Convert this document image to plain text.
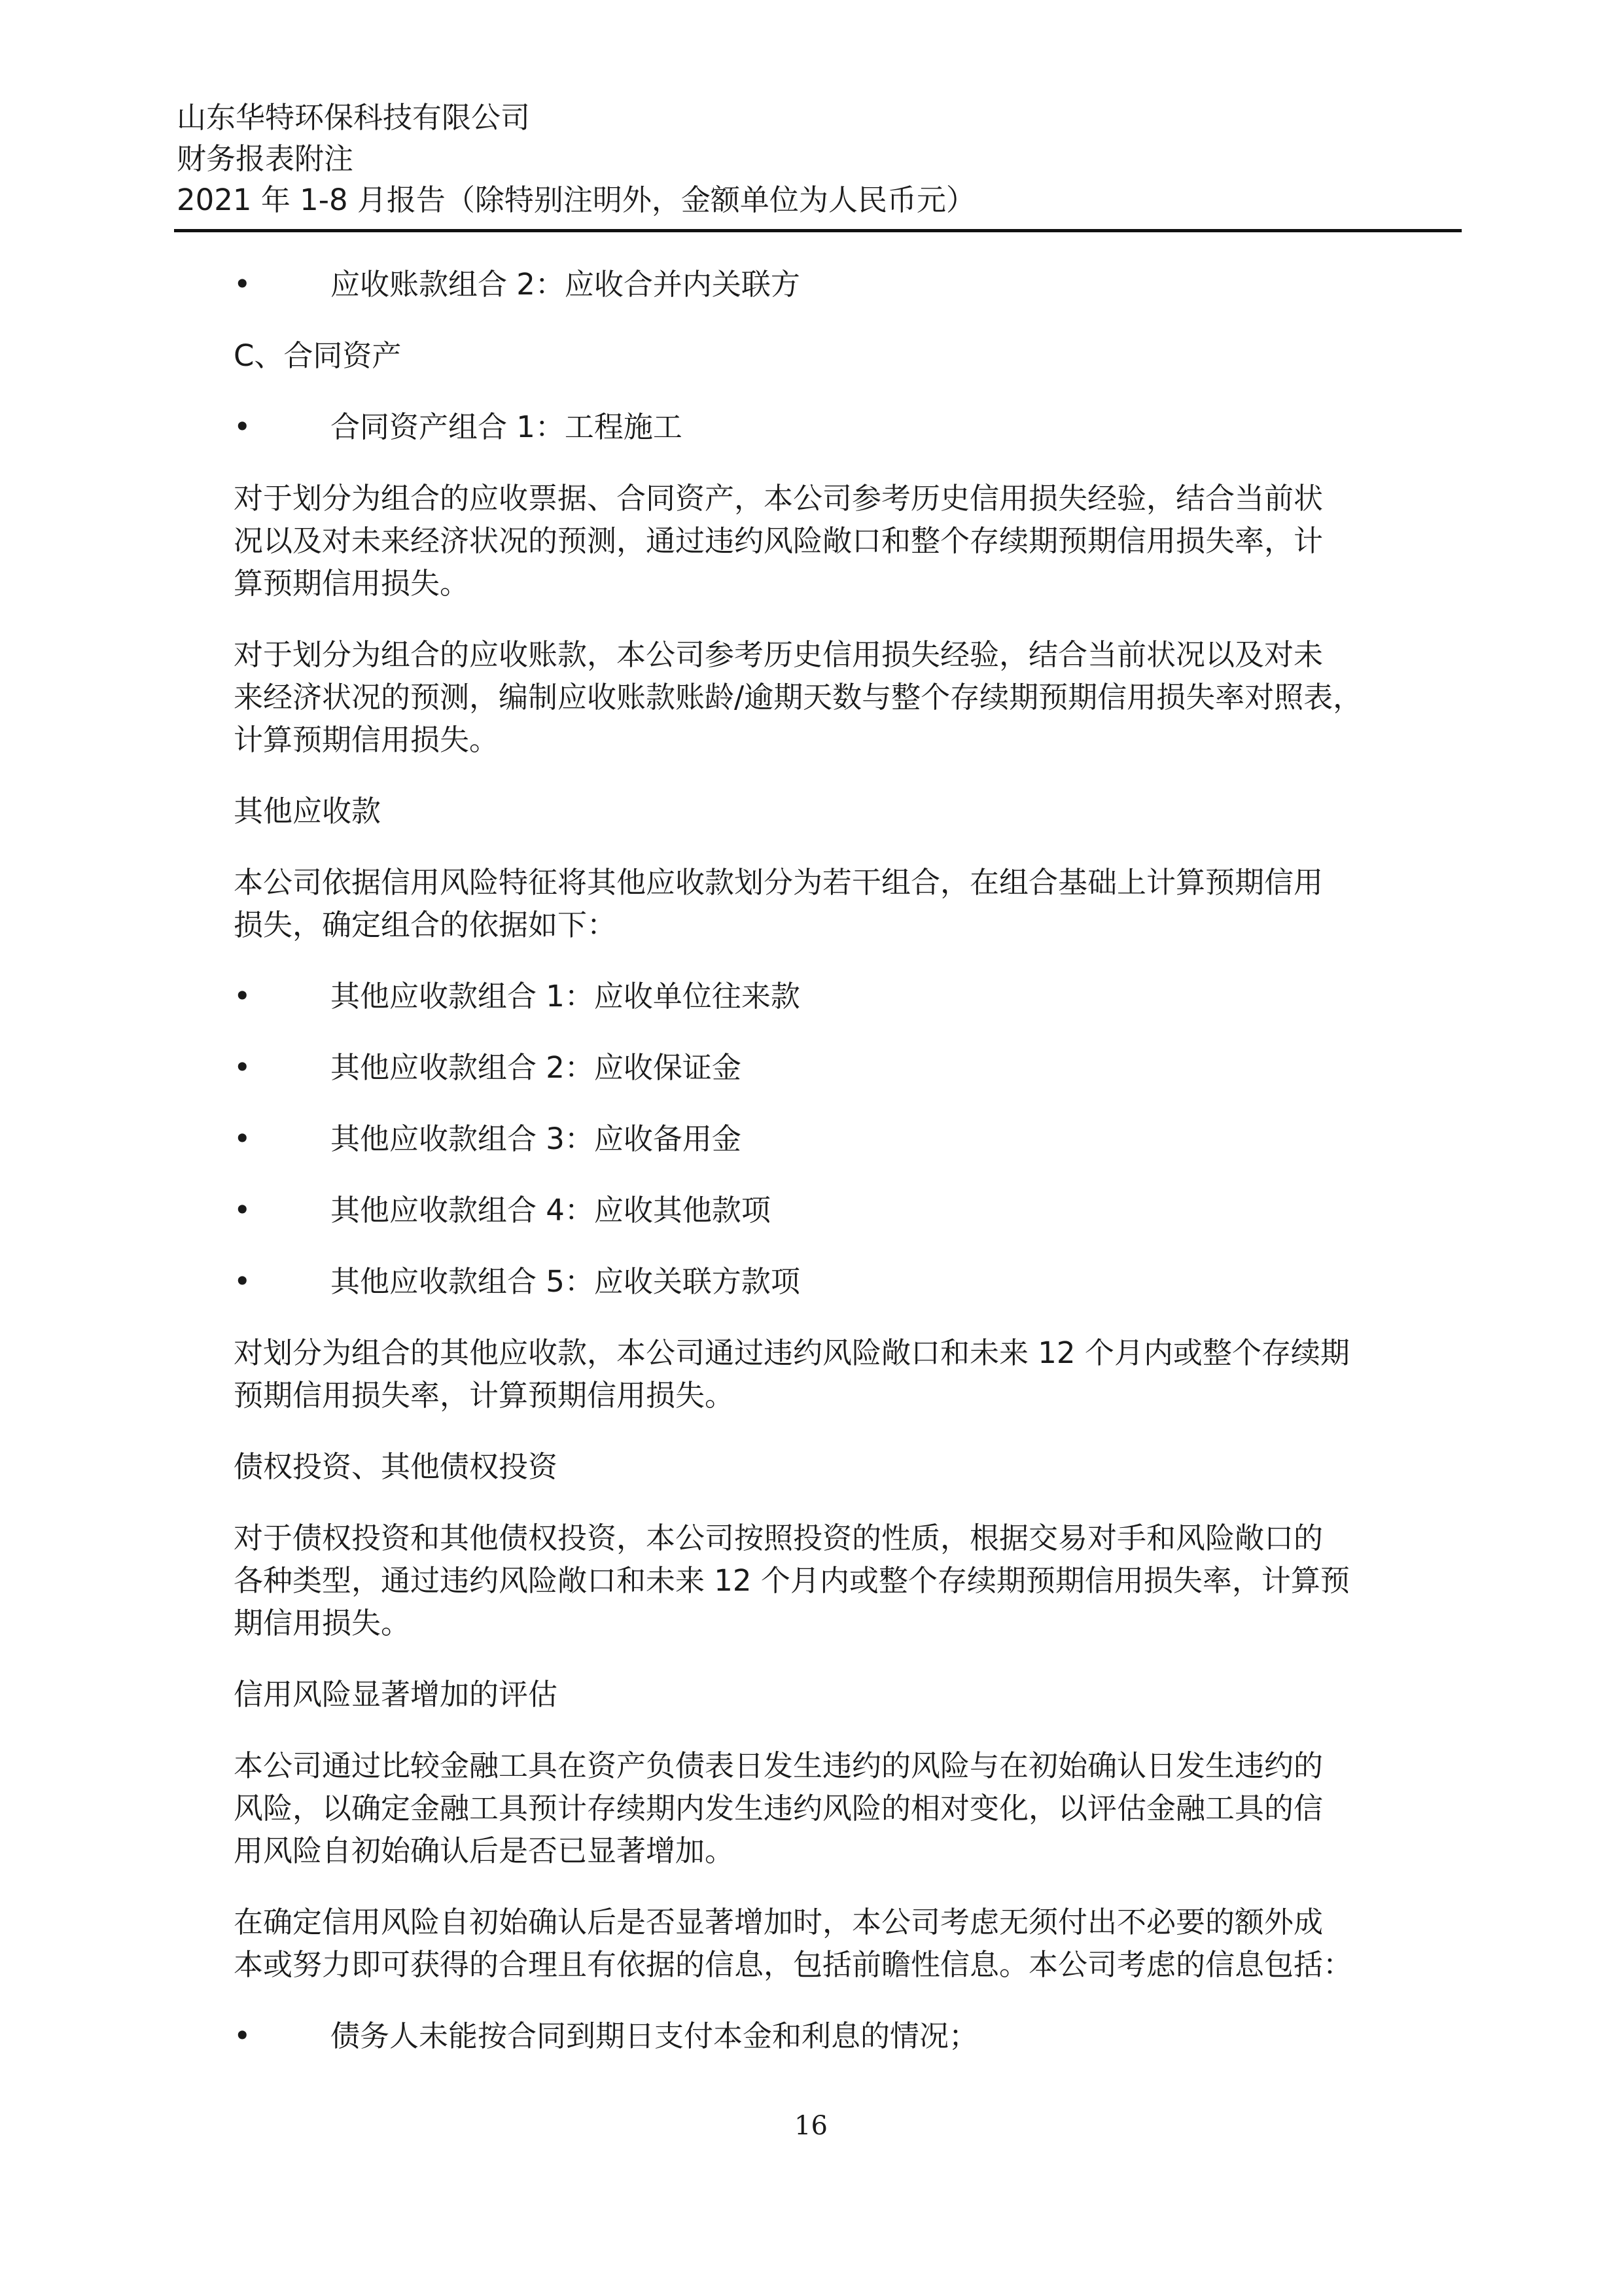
山东华特环保科技有限公司
财务报表附注
2021 年 1-8 月报告（除特别注明外，金额单位为人民币元）
•	应收账款组合 2：应收合并内关联方
C、合同资产
•	合同资产组合 1：工程施工
对于划分为组合的应收票据、合同资产，本公司参考历史信用损失经验，结合当前状
况以及对未来经济状况的预测，通过违约风险敞口和整个存续期预期信用损失率，计
算预期信用损失。
对于划分为组合的应收账款，本公司参考历史信用损失经验，结合当前状况以及对未
来经济状况的预测，编制应收账款账龄/逾期天数与整个存续期预期信用损失率对照表，
计算预期信用损失。
其他应收款
本公司依据信用风险特征将其他应收款划分为若干组合，在组合基础上计算预期信用
损失，确定组合的依据如下：
•	其他应收款组合 1：应收单位往来款
•	其他应收款组合 2：应收保证金
•	其他应收款组合 3：应收备用金
•	其他应收款组合 4：应收其他款项
•	其他应收款组合 5：应收关联方款项
对划分为组合的其他应收款，本公司通过违约风险敞口和未来 12 个月内或整个存续期
预期信用损失率，计算预期信用损失。
债权投资、其他债权投资
对于债权投资和其他债权投资，本公司按照投资的性质，根据交易对手和风险敞口的
各种类型，通过违约风险敞口和未来 12 个月内或整个存续期预期信用损失率，计算预
期信用损失。
信用风险显著增加的评估
本公司通过比较金融工具在资产负债表日发生违约的风险与在初始确认日发生违约的
风险，以确定金融工具预计存续期内发生违约风险的相对变化，以评估金融工具的信
用风险自初始确认后是否已显著增加。
在确定信用风险自初始确认后是否显著增加时，本公司考虑无须付出不必要的额外成
本或努力即可获得的合理且有依据的信息，包括前瞻性信息。本公司考虑的信息包括：
•	债务人未能按合同到期日支付本金和利息的情况；
16
